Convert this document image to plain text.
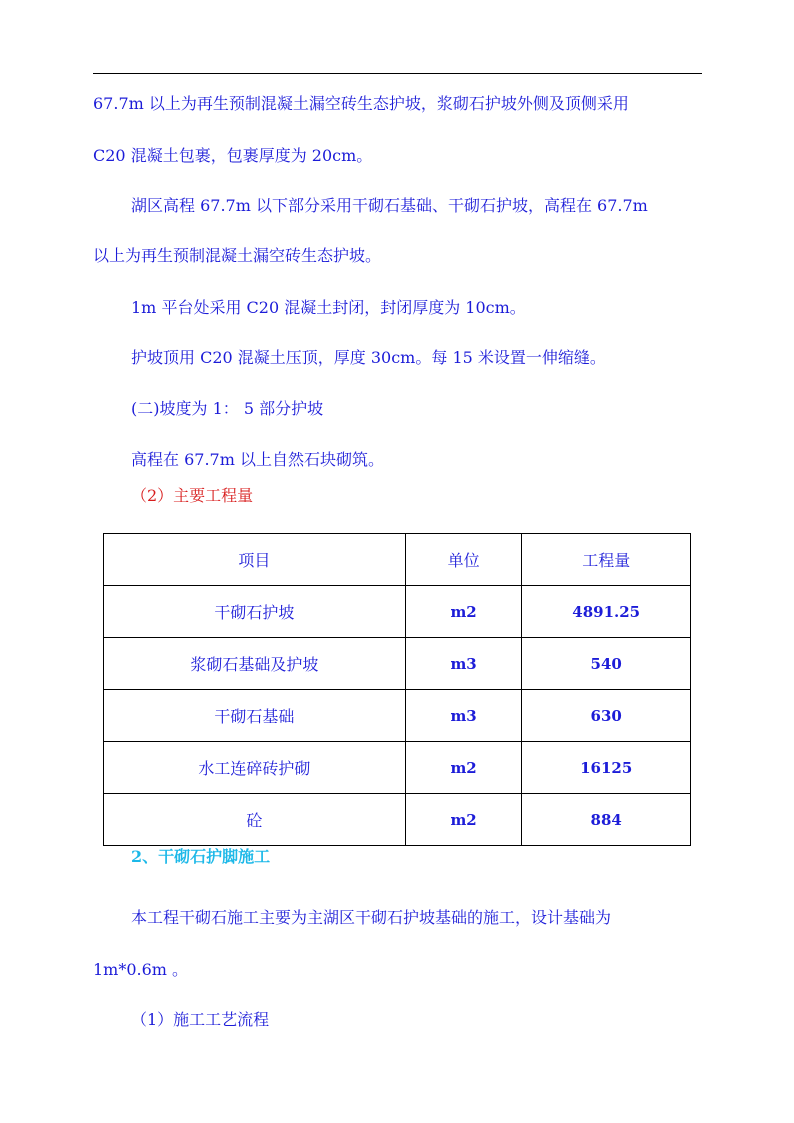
67.7m 以上为再生预制混凝土漏空砖生态护坡，浆砌石护坡外侧及顶侧采用

C20 混凝土包裹，包裹厚度为 20cm。

湖区高程 67.7m 以下部分采用干砌石基础、干砌石护坡，高程在 67.7m

以上为再生预制混凝土漏空砖生态护坡。

1m 平台处采用 C20 混凝土封闭，封闭厚度为 10cm。

护坡顶用 C20 混凝土压顶，厚度 30cm。每 15 米设置一伸缩缝。

(二)坡度为 1： 5 部分护坡

高程在 67.7m 以上自然石块砌筑。

（2）主要工程量
项目	单位	工程量
干砌石护坡	m2	4891.25
浆砌石基础及护坡	m3	540
干砌石基础	m3	630
水工连碎砖护砌	m2	16125
砼	m2	884
2、干砌石护脚施工

本工程干砌石施工主要为主湖区干砌石护坡基础的施工，设计基础为

1m*0.6m 。

（1）施工工艺流程
